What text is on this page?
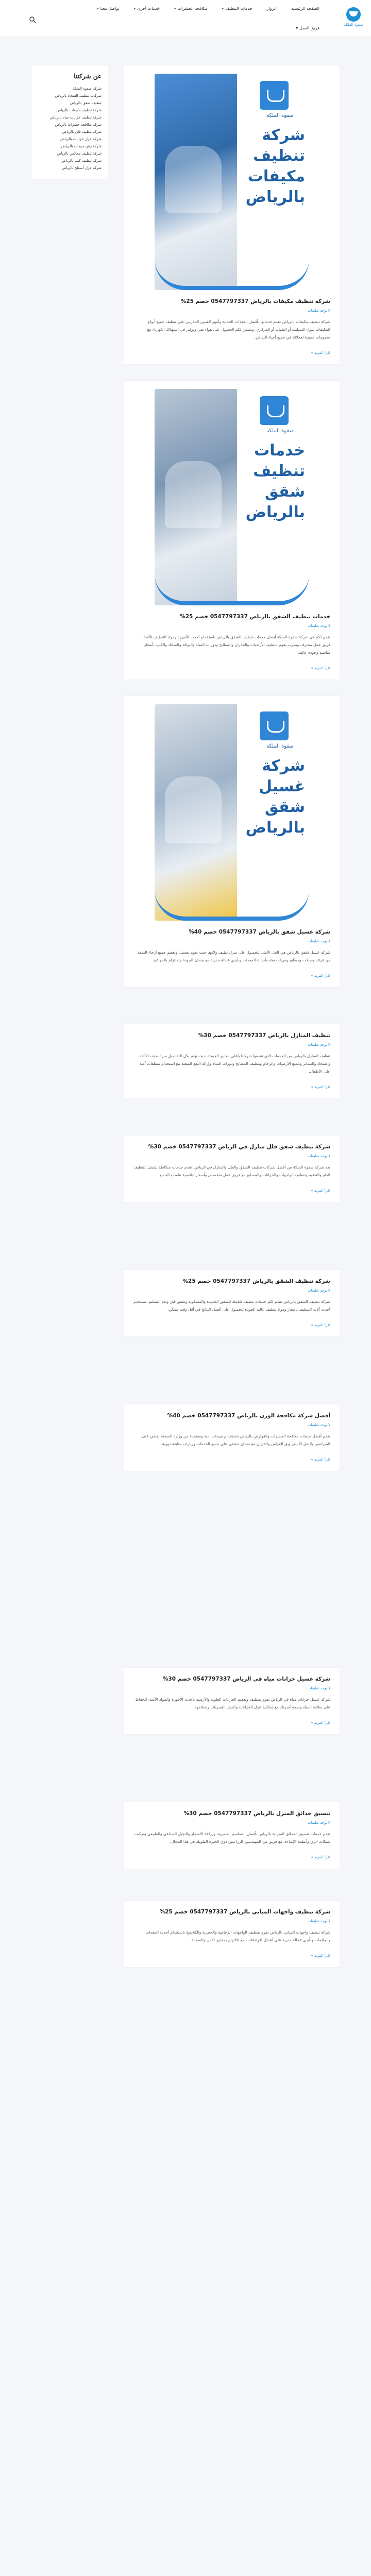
صفوة الملكة
الصفحة الرئيسية
الزوار
خدمات التنظيف
▾
مكافحة الحشرات
▾
خدمات أخرى
▾
تواصل معنا
▾
فريق العمل
▾
صفوة الملكة
شركة تنظيف مكيفات بالرياض
شركة تنظيف مكيفات بالرياض 0547797337 خصم 25%
لا يوجد تعليقات

شركة تنظيف مكيفات بالرياض تقدم خدماتها بأفضل المعدات الحديثة وأمهر الفنيين المدربين على تنظيف جميع أنواع المكيفات سواء السبليت أو الشباك أو المركزي، ونضمن لكم الحصول على هواء نقي وتوفير في استهلاك الكهرباء مع خصومات مميزة لعملائنا في جميع أحياء الرياض.

اقرأ المزيد »
صفوة الملكة
خدمات تنظيف شقق بالرياض
خدمات تنظيف الشقق بالرياض 0547797337 خصم 25%
لا يوجد تعليقات

نقدم لكم في شركة صفوة الملكة أفضل خدمات تنظيف الشقق بالرياض باستخدام أحدث الأجهزة ومواد التنظيف الآمنة، فريق عمل محترف ومدرب يقوم بتنظيف الأرضيات والجدران والمطابخ ودورات المياه والنوافذ والسجاد والكنب بأسعار مناسبة وجودة عالية.

اقرأ المزيد »
صفوة الملكة
شركة غسيل شقق بالرياض
شركة غسيل شقق بالرياض 0547797337 خصم 40%
لا يوجد تعليقات

شركة غسيل شقق بالرياض هي الحل الأمثل للحصول على منزل نظيف ولامع، حيث نقوم بغسيل وتعقيم جميع أرجاء الشقة من غرف وصالات ومطابخ ودورات مياه بأحدث المعدات وبأيدي عمالة مدربة مع ضمان الجودة والالتزام بالمواعيد.

اقرأ المزيد »
تنظيف المنازل بالرياض 0547797337 خصم 30%
لا يوجد تعليقات

تنظيف المنازل بالرياض من الخدمات التي تقدمها شركتنا بأعلى معايير الجودة، حيث نهتم بكل التفاصيل من تنظيف الأثاث والسجاد والستائر وتلميع الأرضيات والرخام وتنظيف المطابخ ودورات المياه وإزالة البقع الصعبة مع استخدام منظفات آمنة على الأطفال.

اقرأ المزيد »
شركة تنظيف شقق فلل منازل في الرياض 0547797337 خصم 30%
لا يوجد تعليقات

تعد شركة صفوة الملكة من أفضل شركات تنظيف الشقق والفلل والمنازل في الرياض، نقدم خدمات متكاملة تشمل التنظيف العام والتعقيم وتنظيف الواجهات والخزانات والمسابح مع فريق عمل متخصص وأسعار تنافسية تناسب الجميع.

اقرأ المزيد »
شركة تنظيف الشقق بالرياض 0547797337 خصم 25%
لا يوجد تعليقات

شركة تنظيف الشقق بالرياض تقدم لكم خدمات تنظيف شاملة للشقق الجديدة والمسكونة وشقق قبل وبعد التسليم، نستخدم أحدث آلات التنظيف بالبخار ومواد تنظيف عالية الجودة للحصول على أفضل النتائج في أقل وقت ممكن.

اقرأ المزيد »
أفضل شركة مكافحة الوزن بالرياض 0547797337 خصم 40%
لا يوجد تعليقات

نقدم أفضل خدمات مكافحة الحشرات والقوارض بالرياض باستخدام مبيدات آمنة ومعتمدة من وزارة الصحة، نقضي على الصراصير والنمل الأبيض وبق الفراش والفئران مع ضمان حقيقي على جميع الخدمات وزيارات متابعة دورية.

اقرأ المزيد »
شركة غسيل خزانات مياه في الرياض 0547797337 خصم 30%
لا يوجد تعليقات

شركة غسيل خزانات مياه في الرياض تقوم بتنظيف وتعقيم الخزانات العلوية والأرضية بأحدث الأجهزة والمواد الآمنة، للحفاظ على نظافة المياه وصحة أسرتك مع إمكانية عزل الخزانات وكشف التسربات وإصلاحها.

اقرأ المزيد »
تنسيق حدائق المنزل بالرياض 0547797337 خصم 30%
لا يوجد تعليقات

نقدم خدمات تنسيق الحدائق المنزلية بالرياض بأفضل التصاميم العصرية، وزراعة الأشجار والنجيل الصناعي والطبيعي وتركيب شبكات الري وأنظمة الإضاءة، مع فريق من المهندسين الزراعيين ذوي الخبرة الطويلة في هذا المجال.

اقرأ المزيد »
شركة تنظيف واجهات المباني بالرياض 0547797337 خصم 25%
لا يوجد تعليقات

شركة تنظيف واجهات المباني بالرياض نقوم بتنظيف الواجهات الزجاجية والحجرية والكلادينج باستخدام أحدث المعدات والرافعات وبأيدي عمالة مدربة على أعمال الارتفاعات مع الالتزام بمعايير الأمن والسلامة.

اقرأ المزيد »
عن شركتنا
شركة صفوة الملكة
شركات تنظيف السجاد بالرياض
تنظيف شقق بالرياض
شركة تنظيف مكيفات بالرياض
شركة تنظيف خزانات مياه بالرياض
شركة مكافحة حشرات بالرياض
شركة تنظيف فلل بالرياض
شركة عزل خزانات بالرياض
شركة رش مبيدات بالرياض
شركة تنظيف مجالس بالرياض
شركة تنظيف كنب بالرياض
شركة عزل أسطح بالرياض
